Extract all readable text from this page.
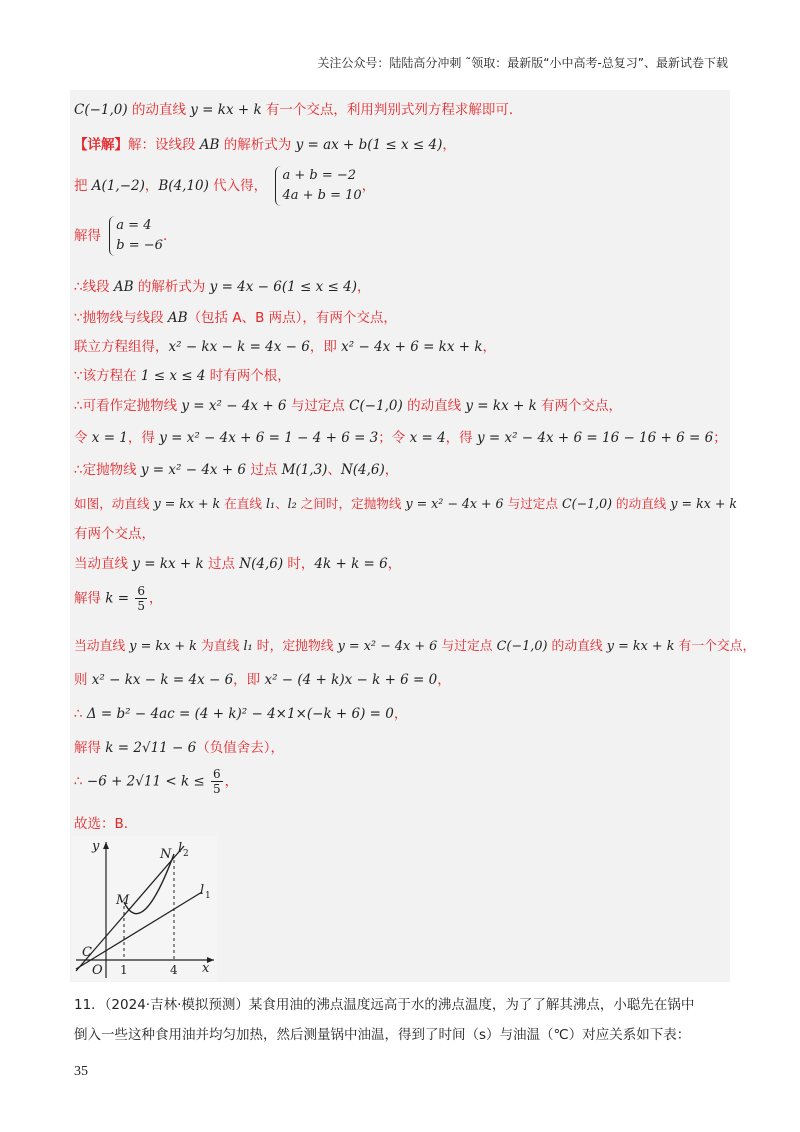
关注公众号：陆陆高分冲刺 ˜领取：最新版“小中高考-总复习”、最新试卷下载
C(−1,0) 的动直线 y = kx + k 有一个交点，利用判别式列方程求解即可．
【详解】解：设线段 AB 的解析式为 y = ax + b(1 ≤ x ≤ 4)，
把 A(1,−2)，B(4,10) 代入得，
a + b = −2
4a + b = 10
，
解得
a = 4
b = −6
．
∴线段 AB 的解析式为 y = 4x − 6(1 ≤ x ≤ 4)，
∵抛物线与线段 AB（包括 A、B 两点），有两个交点，
联立方程组得，x² − kx − k = 4x − 6，即 x² − 4x + 6 = kx + k，
∵该方程在 1 ≤ x ≤ 4 时有两个根，
∴可看作定抛物线 y = x² − 4x + 6 与过定点 C(−1,0) 的动直线 y = kx + k 有两个交点，
令 x = 1，得 y = x² − 4x + 6 = 1 − 4 + 6 = 3；令 x = 4，得 y = x² − 4x + 6 = 16 − 16 + 6 = 6；
∴定抛物线 y = x² − 4x + 6 过点 M(1,3)、N(4,6)，
如图，动直线 y = kx + k 在直线 l₁、l₂ 之间时，定抛物线 y = x² − 4x + 6 与过定点 C(−1,0) 的动直线 y = kx + k
有两个交点，
当动直线 y = kx + k 过点 N(4,6) 时，4k + k = 6，
解得 $k = \frac{6}{5}$ ，
当动直线 y = kx + k 为直线 l₁ 时，定抛物线 y = x² − 4x + 6 与过定点 C(−1,0) 的动直线 y = kx + k 有一个交点，
则 x² − kx − k = 4x − 6，即 x² − (4 + k)x − k + 6 = 0，
∴ Δ = b² − 4ac = (4 + k)² − 4×1×(−k + 6) = 0，
解得 k = 2√11 − 6（负值舍去），
∴ $-6 + 2√11 < k \le \frac{6}{5}$ ，
故选：B．
y
x
O
C
M
N l 2
l 1
1	4
11．（2024·吉林·模拟预测）某食用油的沸点温度远高于水的沸点温度，为了了解其沸点，小聪先在锅中
倒入一些这种食用油并均匀加热，然后测量锅中油温，得到了时间（s）与油温（℃）对应关系如下表：
35
